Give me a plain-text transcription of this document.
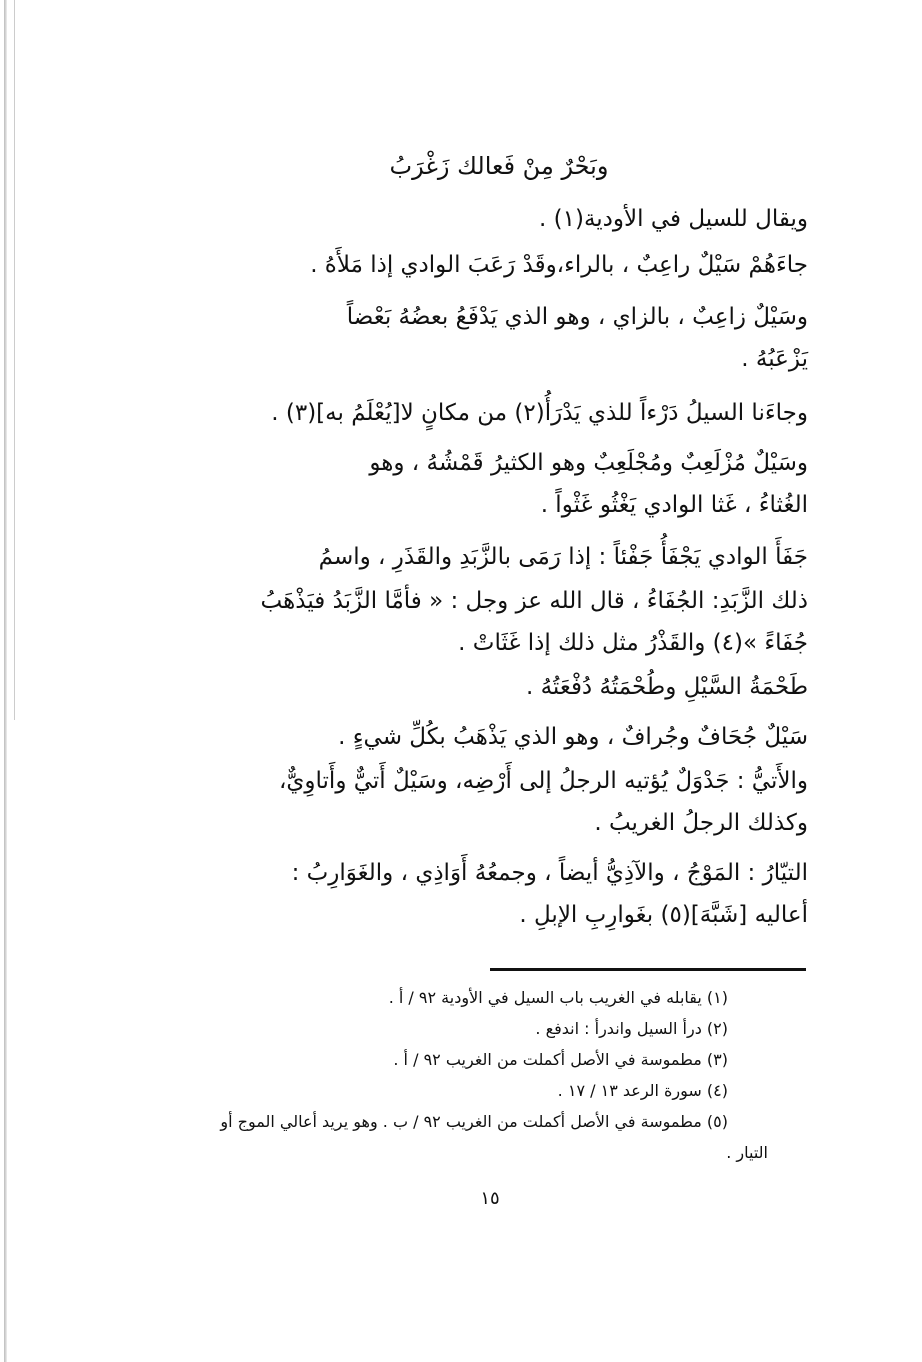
وبَحْرٌ مِنْ فَعالك زَغْرَبُ
ويقال للسيل في الأودية(١) .
جاءَهُمْ سَيْلٌ راعِبٌ ، بالراء،وقَدْ رَعَبَ الوادي إذا مَلأَهُ .
وسَيْلٌ زاعِبٌ ، بالزاي ، وهو الذي يَدْفَعُ بعضُهُ بَعْضاً
يَزْعَبُهُ .
وجاءَنا السيلُ دَرْءاً للذي يَدْرَأُ(٢) من مكانٍ لا[يُعْلَمُ به](٣) .
وسَيْلٌ مُزْلَعِبٌ ومُجْلَعِبٌ وهو الكثيرُ قَمْشُهُ ، وهو
الغُثاءُ ، غَثا الوادي يَغْثُو غَثْواً .
جَفَأَ الوادي يَجْفَأُ جَفْئاً : إذا رَمَى بالزَّبَدِ والقَذَرِ ، واسمُ
ذلك الزَّبَدِ: الجُفَاءُ ، قال الله عز وجل : « فأمَّا الزَّبَدُ فيَذْهَبُ
جُفَاءً »(٤) والقَذْرُ مثل ذلك إذا غَثَاتْ .
طَحْمَةُ السَّيْلِ وطُحْمَتُهُ دُفْعَتُهُ .
سَيْلٌ جُحَافٌ وجُرافٌ ، وهو الذي يَذْهَبُ بكُلِّ شيءٍ .
والأَتيُّ : جَدْوَلٌ يُؤتيه الرجلُ إلى أَرْضِه، وسَيْلٌ أَتيٌّ وأَتاوِيٌّ،
وكذلك الرجلُ الغريبُ .
التيّارُ : المَوْجُ ، والآذِيُّ أيضاً ، وجمعُهُ أَوَاذِي ، والغَوَارِبُ :
أعاليه [شَبَّهَ](٥) بغَوارِبِ الإبلِ .
(١) يقابله في الغريب باب السيل في الأودية ٩٢ / أ .
(٢) درأ السيل واندرأ : اندفع .
(٣) مطموسة في الأصل أكملت من الغريب ٩٢ / أ .
(٤) سورة الرعد ١٣ / ١٧ .
(٥) مطموسة في الأصل أكملت من الغريب ٩٢ / ب . وهو يريد أعالي الموج أو
التيار .
١٥
